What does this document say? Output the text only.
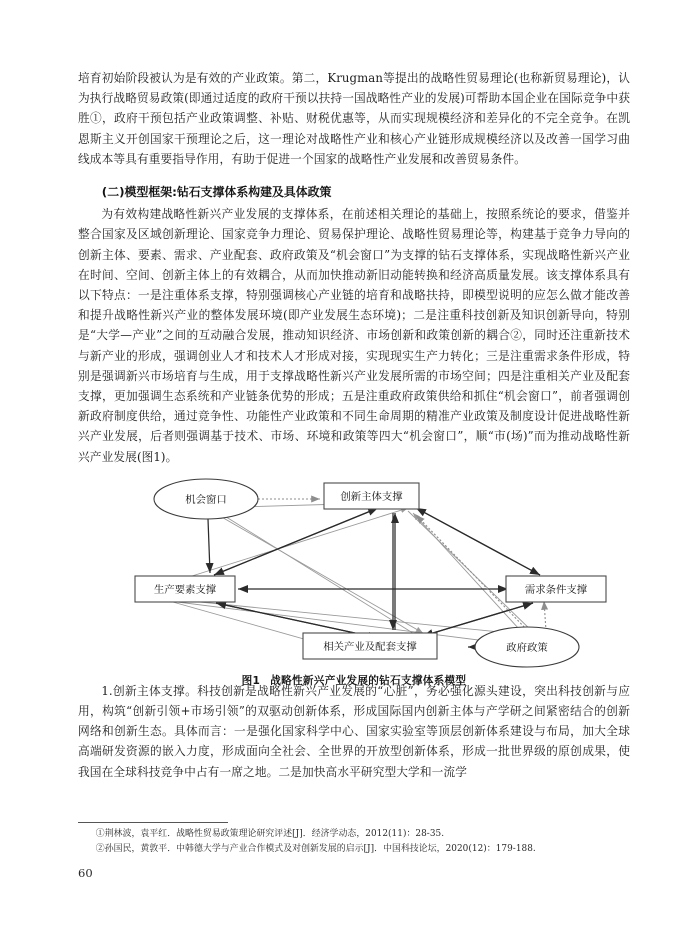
培育初始阶段被认为是有效的产业政策。第二，Krugman等提出的战略性贸易理论(也称新贸易理论)，认为执行战略贸易政策(即通过适度的政府干预以扶持一国战略性产业的发展)可帮助本国企业在国际竞争中获胜①，政府干预包括产业政策调整、补贴、财税优惠等，从而实现规模经济和差异化的不完全竞争。在凯恩斯主义开创国家干预理论之后，这一理论对战略性产业和核心产业链形成规模经济以及改善一国学习曲线成本等具有重要指导作用，有助于促进一个国家的战略性产业发展和改善贸易条件。

(二)模型框架:钻石支撑体系构建及具体政策

为有效构建战略性新兴产业发展的支撑体系，在前述相关理论的基础上，按照系统论的要求，借鉴并整合国家及区域创新理论、国家竞争力理论、贸易保护理论、战略性贸易理论等，构建基于竞争力导向的创新主体、要素、需求、产业配套、政府政策及“机会窗口”为支撑的钻石支撑体系，实现战略性新兴产业在时间、空间、创新主体上的有效耦合，从而加快推动新旧动能转换和经济高质量发展。该支撑体系具有以下特点：一是注重体系支撑，特别强调核心产业链的培育和战略扶持，即模型说明的应怎么做才能改善和提升战略性新兴产业的整体发展环境(即产业发展生态环境)；二是注重科技创新及知识创新导向，特别是“大学—产业”之间的互动融合发展，推动知识经济、市场创新和政策创新的耦合②，同时还注重新技术与新产业的形成，强调创业人才和技术人才形成对接，实现现实生产力转化；三是注重需求条件形成，特别是强调新兴市场培育与生成，用于支撑战略性新兴产业发展所需的市场空间；四是注重相关产业及配套支撑，更加强调生态系统和产业链条优势的形成；五是注重政府政策供给和抓住“机会窗口”，前者强调创新政府制度供给，通过竞争性、功能性产业政策和不同生命周期的精准产业政策及制度设计促进战略性新兴产业发展，后者则强调基于技术、市场、环境和政策等四大“机会窗口”，顺“市(场)”而为推动战略性新兴产业发展(图1)。

机会窗口	创新主体支撑
生产要素支撑	需求条件支撑
相关产业及配套支撑	政府政策
图1 战略性新兴产业发展的钻石支撑体系模型

1.创新主体支撑。科技创新是战略性新兴产业发展的“心脏”，务必强化源头建设，突出科技创新与应用，构筑“创新引领+市场引领”的双驱动创新体系，形成国际国内创新主体与产学研之间紧密结合的创新网络和创新生态。具体而言：一是强化国家科学中心、国家实验室等顶层创新体系建设与布局，加大全球高端研发资源的嵌入力度，形成面向全社会、全世界的开放型创新体系，形成一批世界级的原创成果，使我国在全球科技竞争中占有一席之地。二是加快高水平研究型大学和一流学

①荆林波，袁平红．战略性贸易政策理论研究评述[J]．经济学动态，2012(11)：28-35.

②孙国民，黄敦平．中韩德大学与产业合作模式及对创新发展的启示[J]．中国科技论坛，2020(12)：179-188.

60
